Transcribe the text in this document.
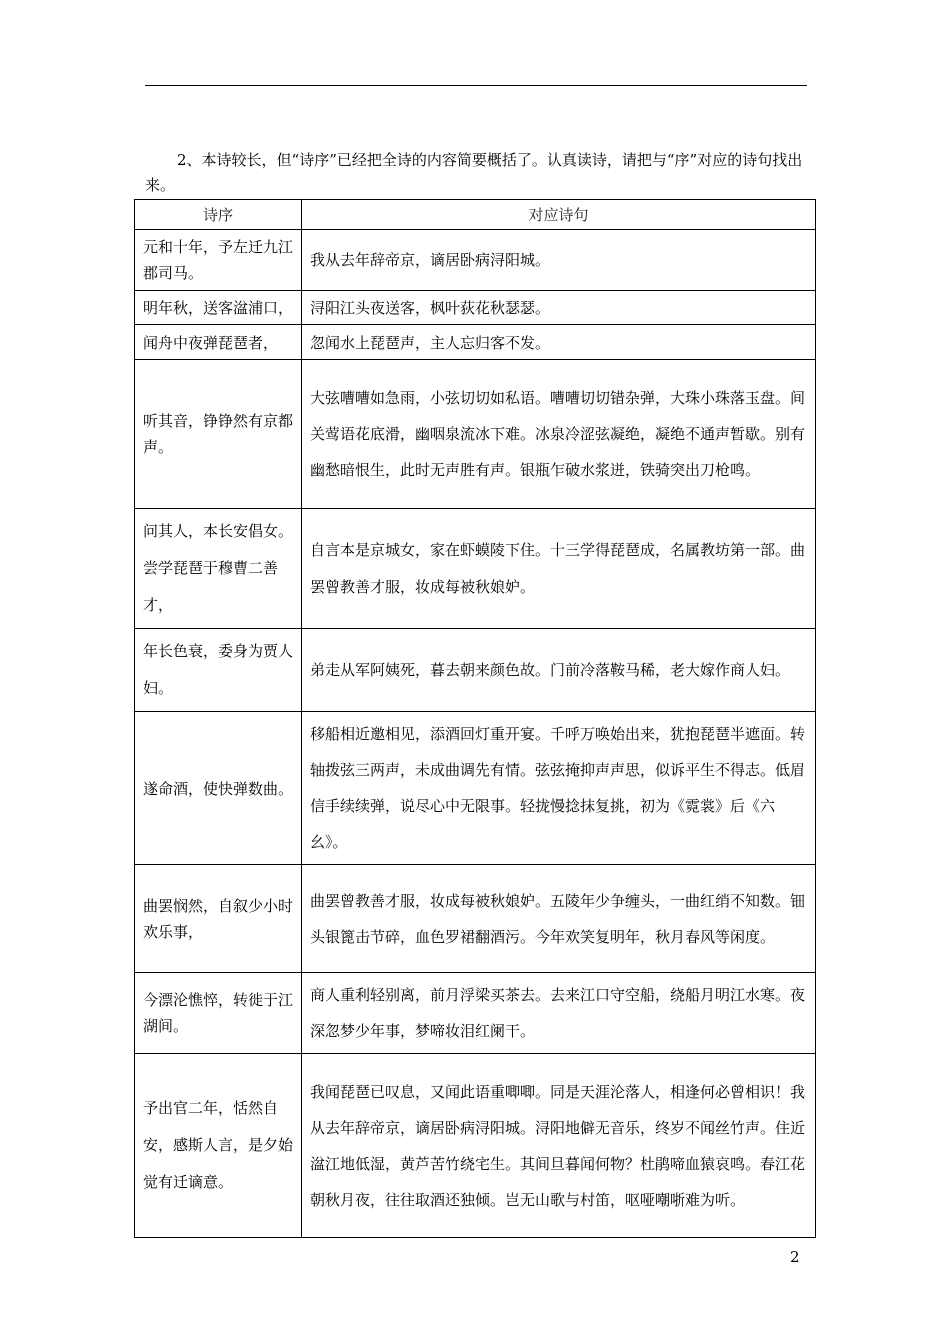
2、本诗较长，但“诗序”已经把全诗的内容简要概括了。认真读诗，请把与“序”对应的诗句找出来。

诗序	对应诗句
元和十年，予左迁九江郡司马。	我从去年辞帝京，谪居卧病浔阳城。
明年秋，送客湓浦口，	浔阳江头夜送客，枫叶荻花秋瑟瑟。
闻舟中夜弹琵琶者，	忽闻水上琵琶声，主人忘归客不发。
听其音，铮铮然有京都声。	大弦嘈嘈如急雨，小弦切切如私语。嘈嘈切切错杂弹，大珠小珠落玉盘。间关莺语花底滑，幽咽泉流冰下难。冰泉冷涩弦凝绝，凝绝不通声暂歇。别有幽愁暗恨生，此时无声胜有声。银瓶乍破水浆迸，铁骑突出刀枪鸣。
问其人，本长安倡女。尝学琵琶于穆曹二善才，	自言本是京城女，家在虾蟆陵下住。十三学得琵琶成，名属教坊第一部。曲罢曾教善才服，妆成每被秋娘妒。
年长色衰，委身为贾人妇。	弟走从军阿姨死，暮去朝来颜色故。门前冷落鞍马稀，老大嫁作商人妇。
遂命酒，使快弹数曲。	移船相近邀相见，添酒回灯重开宴。千呼万唤始出来，犹抱琵琶半遮面。转轴拨弦三两声，未成曲调先有情。弦弦掩抑声声思，似诉平生不得志。低眉信手续续弹，说尽心中无限事。轻拢慢捻抹复挑，初为《霓裳》后《六幺》。
曲罢悯然，自叙少小时欢乐事，	曲罢曾教善才服，妆成每被秋娘妒。五陵年少争缠头，一曲红绡不知数。钿头银篦击节碎，血色罗裙翻酒污。今年欢笑复明年，秋月春风等闲度。
今漂沦憔悴，转徙于江湖间。	商人重利轻别离，前月浮梁买茶去。去来江口守空船，绕船月明江水寒。夜深忽梦少年事，梦啼妆泪红阑干。
予出官二年，恬然自安，感斯人言，是夕始觉有迁谪意。	我闻琵琶已叹息，又闻此语重唧唧。同是天涯沦落人，相逢何必曾相识！我从去年辞帝京，谪居卧病浔阳城。浔阳地僻无音乐，终岁不闻丝竹声。住近湓江地低湿，黄芦苦竹绕宅生。其间旦暮闻何物？杜鹃啼血猿哀鸣。春江花朝秋月夜，往往取酒还独倾。岂无山歌与村笛，呕哑嘲哳难为听。
2
